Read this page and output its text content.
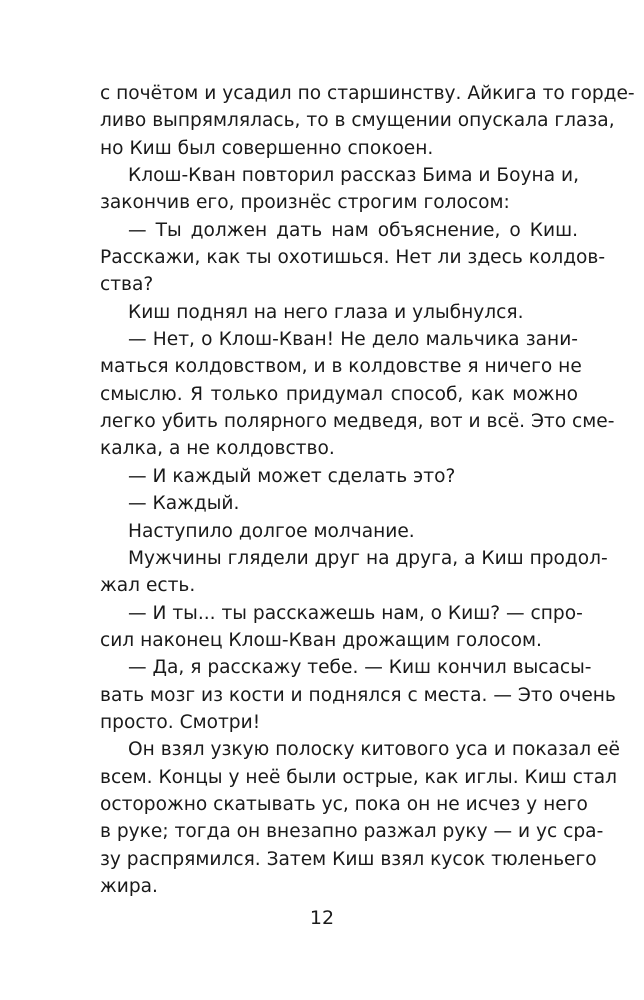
с почётом и усадил по старшинству. Айкига то горде-
ливо выпрямлялась, то в смущении опускала глаза,
но Киш был совершенно спокоен.
Клош-Кван повторил рассказ Бима и Боуна и,
закончив его, произнёс строгим голосом:
— Ты должен дать нам объяснение, о Киш.
Расскажи, как ты охотишься. Нет ли здесь колдов-
ства?
Киш поднял на него глаза и улыбнулся.
— Нет, о Клош-Кван! Не дело мальчика зани-
маться колдовством, и в колдовстве я ничего не
смыслю. Я только придумал способ, как можно
легко убить полярного медведя, вот и всё. Это сме-
калка, а не колдовство.
— И каждый может сделать это?
— Каждый.
Наступило долгое молчание.
Мужчины глядели друг на друга, а Киш продол-
жал есть.
— И ты... ты расскажешь нам, о Киш? — спро-
сил наконец Клош-Кван дрожащим голосом.
— Да, я расскажу тебе. — Киш кончил высасы-
вать мозг из кости и поднялся с места. — Это очень
просто. Смотри!
Он взял узкую полоску китового уса и показал её
всем. Концы у неё были острые, как иглы. Киш стал
осторожно скатывать ус, пока он не исчез у него
в руке; тогда он внезапно разжал руку — и ус сра-
зу распрямился. Затем Киш взял кусок тюленьего
жира.
12
